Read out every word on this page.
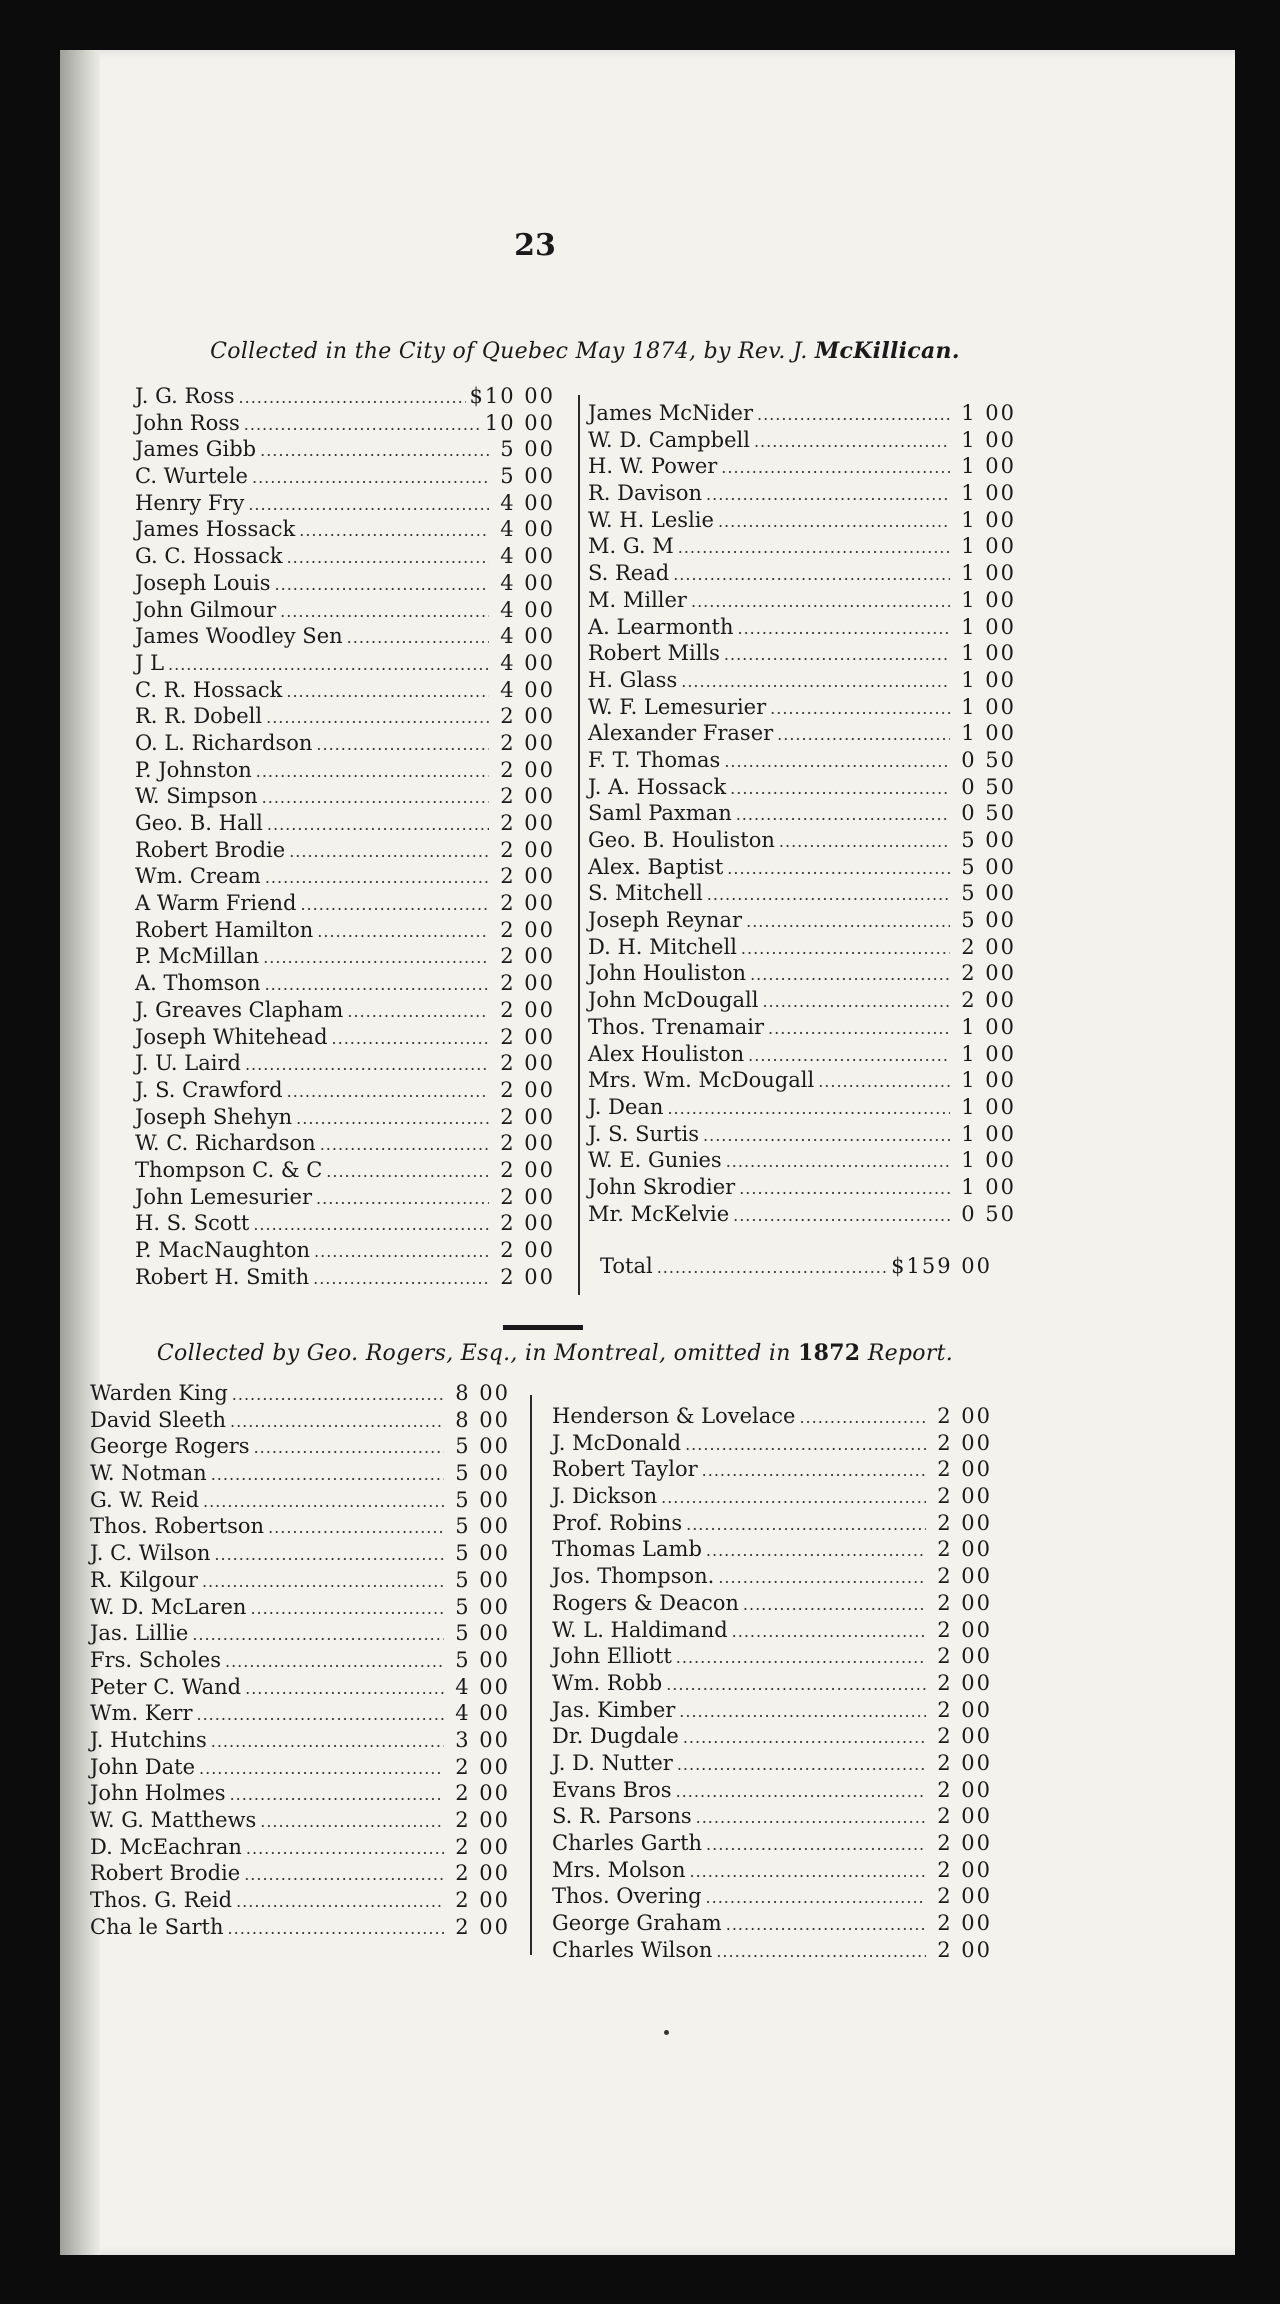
23
Collected in the City of Quebec May 1874, by Rev. J. McKillican.
J. G. Ross .....	$10 00
John Ross .....	10 00
James Gibb .....	5 00
C. Wurtele .....	5 00
Henry Fry .....	4 00
James Hossack .....	4 00
G. C. Hossack .....	4 00
Joseph Louis .....	4 00
John Gilmour .....	4 00
James Woodley Sen .....	4 00
J L .....	4 00
C. R. Hossack .....	4 00
R. R. Dobell .....	2 00
O. L. Richardson .....	2 00
P. Johnston .....	2 00
W. Simpson .....	2 00
Geo. B. Hall .....	2 00
Robert Brodie .....	2 00
Wm. Cream .....	2 00
A Warm Friend .....	2 00
Robert Hamilton .....	2 00
P. McMillan .....	2 00
A. Thomson .....	2 00
J. Greaves Clapham .....	2 00
Joseph Whitehead .....	2 00
J. U. Laird .....	2 00
J. S. Crawford .....	2 00
Joseph Shehyn .....	2 00
W. C. Richardson .....	2 00
Thompson C. & C .....	2 00
John Lemesurier .....	2 00
H. S. Scott .....	2 00
P. MacNaughton .....	2 00
Robert H. Smith .....	2 00
James McNider .....	1 00
W. D. Campbell .....	1 00
H. W. Power .....	1 00
R. Davison .....	1 00
W. H. Leslie .....	1 00
M. G. M .....	1 00
S. Read .....	1 00
M. Miller .....	1 00
A. Learmonth .....	1 00
Robert Mills .....	1 00
H. Glass .....	1 00
W. F. Lemesurier .....	1 00
Alexander Fraser .....	1 00
F. T. Thomas .....	0 50
J. A. Hossack .....	0 50
Saml Paxman .....	0 50
Geo. B. Houliston .....	5 00
Alex. Baptist .....	5 00
S. Mitchell .....	5 00
Joseph Reynar .....	5 00
D. H. Mitchell .....	2 00
John Houliston .....	2 00
John McDougall .....	2 00
Thos. Trenamair .....	1 00
Alex Houliston .....	1 00
Mrs. Wm. McDougall .....	1 00
J. Dean .....	1 00
J. S. Surtis .....	1 00
W. E. Gunies .....	1 00
John Skrodier .....	1 00
Mr. McKelvie .....	0 50
Total .....	$159 00
Collected by Geo. Rogers, Esq., in Montreal, omitted in 1872 Report.
Warden King .....	8 00
David Sleeth .....	8 00
George Rogers .....	5 00
W. Notman .....	5 00
G. W. Reid .....	5 00
Thos. Robertson .....	5 00
J. C. Wilson .....	5 00
R. Kilgour .....	5 00
W. D. McLaren .....	5 00
Jas. Lillie .....	5 00
Frs. Scholes .....	5 00
Peter C. Wand .....	4 00
Wm. Kerr .....	4 00
J. Hutchins .....	3 00
John Date .....	2 00
John Holmes .....	2 00
W. G. Matthews .....	2 00
D. McEachran .....	2 00
Robert Brodie .....	2 00
Thos. G. Reid .....	2 00
Cha le Sarth .....	2 00
Henderson & Lovelace .....	2 00
J. McDonald .....	2 00
Robert Taylor .....	2 00
J. Dickson .....	2 00
Prof. Robins .....	2 00
Thomas Lamb .....	2 00
Jos. Thompson. .....	2 00
Rogers & Deacon .....	2 00
W. L. Haldimand .....	2 00
John Elliott .....	2 00
Wm. Robb .....	2 00
Jas. Kimber .....	2 00
Dr. Dugdale .....	2 00
J. D. Nutter .....	2 00
Evans Bros .....	2 00
S. R. Parsons .....	2 00
Charles Garth .....	2 00
Mrs. Molson .....	2 00
Thos. Overing .....	2 00
George Graham .....	2 00
Charles Wilson .....	2 00
